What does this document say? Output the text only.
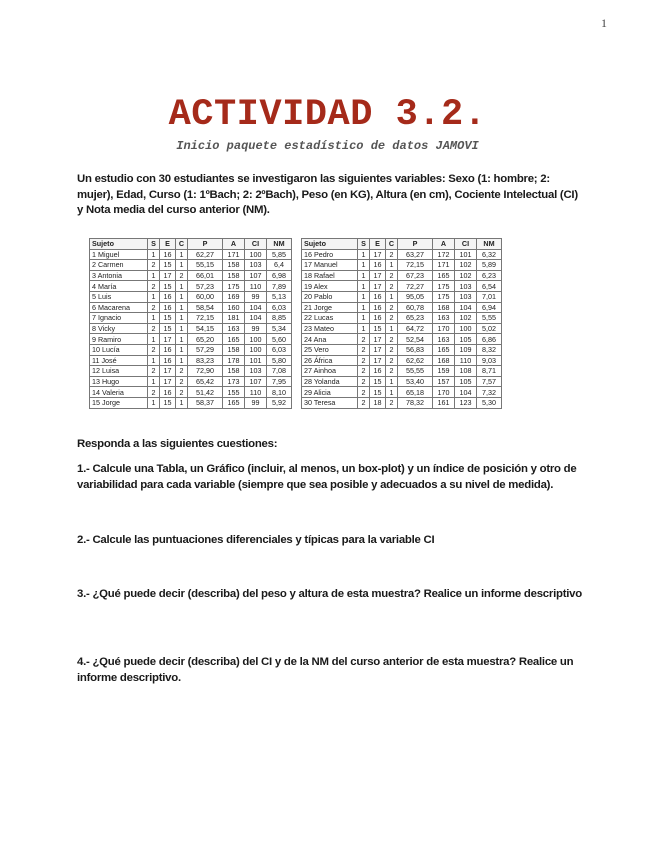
1
ACTIVIDAD 3.2.
Inicio paquete estadístico de datos JAMOVI
Un estudio con 30 estudiantes se investigaron las siguientes variables: Sexo (1: hombre; 2: mujer), Edad, Curso (1: 1ºBach; 2: 2ºBach), Peso (en KG), Altura (en cm), Cociente Intelectual (CI) y Nota media del curso anterior (NM).
Sujeto	S	E	C	P	A	CI	NM
1 Miguel	1	16	1	62,27	171	100	5,85
2 Carmen	2	15	1	55,15	158	103	6,4
3 Antonia	1	17	2	66,01	158	107	6,98
4 María	2	15	1	57,23	175	110	7,89
5 Luis	1	16	1	60,00	169	99	5,13
6 Macarena	2	16	1	58,54	160	104	6,03
7 Ignacio	1	15	1	72,15	181	104	8,85
8 Vicky	2	15	1	54,15	163	99	5,34
9 Ramiro	1	17	1	65,20	165	100	5,60
10 Lucía	2	16	1	57,29	158	100	6,03
11 José	1	16	1	83,23	178	101	5,80
12 Luisa	2	17	2	72,90	158	103	7,08
13 Hugo	1	17	2	65,42	173	107	7,95
14 Valeria	2	16	2	51,42	155	110	8,10
15 Jorge	1	15	1	58,37	165	99	5,92
Sujeto	S	E	C	P	A	CI	NM
16 Pedro	1	17	2	63,27	172	101	6,32
17 Manuel	1	16	1	72,15	171	102	5,89
18 Rafael	1	17	2	67,23	165	102	6,23
19 Alex	1	17	2	72,27	175	103	6,54
20 Pablo	1	16	1	95,05	175	103	7,01
21 Jorge	1	16	2	60,78	168	104	6,94
22 Lucas	1	16	2	65,23	163	102	5,55
23 Mateo	1	15	1	64,72	170	100	5,02
24 Ana	2	17	2	52,54	163	105	6,86
25 Vero	2	17	2	56,83	165	109	8,32
26 África	2	17	2	62,62	168	110	9,03
27 Ainhoa	2	16	2	55,55	159	108	8,71
28 Yolanda	2	15	1	53,40	157	105	7,57
29 Alicia	2	15	1	65,18	170	104	7,32
30 Teresa	2	18	2	78,32	161	123	5,30
Responda a las siguientes cuestiones:
1.- Calcule una Tabla, un Gráfico (incluir, al menos, un box-plot) y un índice de posición y otro de variabilidad para cada variable (siempre que sea posible y adecuados a su nivel de medida).
2.- Calcule las puntuaciones diferenciales y típicas para la variable CI
3.- ¿Qué puede decir (describa) del peso y altura de esta muestra? Realice un informe descriptivo
4.- ¿Qué puede decir (describa) del CI y de la NM del curso anterior de esta muestra? Realice un informe descriptivo.
